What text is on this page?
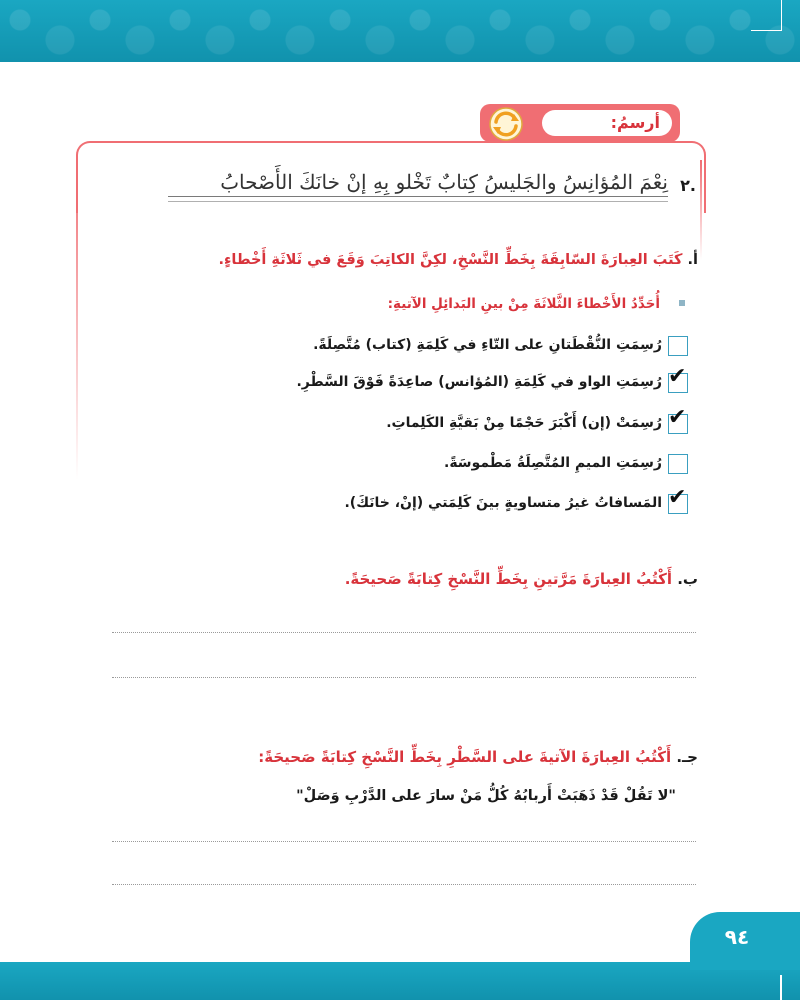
أرسمُ:
.٢
نِعْمَ المُؤانِسُ والجَليسُ كِتابٌ تَخْلو بِهِ إنْ خانَكَ الأَصْحابُ
أ. كَتَبَ العِبارَةَ السّابِقَةَ بِخَطِّ النَّسْخِ، لكِنَّ الكاتِبَ وَقَعَ في ثَلاثَةِ أَخْطاءٍ.
أُحَدِّدُ الأَخْطاءَ الثَّلاثَةَ مِنْ بينِ البَدائِلِ الآتيةِ:
رُسِمَتِ النُّقْطَتانِ على التّاءِ في كَلِمَةِ (كتاب) مُتَّصِلَةً.
✔
رُسِمَتِ الواو في كَلِمَةِ (المُؤانس) صاعِدَةً فَوْقَ السَّطْرِ.
✔
رُسِمَتْ (إن) أَكْبَرَ حَجْمًا مِنْ بَقيَّةِ الكَلِماتِ.
رُسِمَتِ الميمِ المُتَّصِلَةُ مَطْموسَةً.
✔
المَسافاتُ غيرُ متساويةٍ بينَ كَلِمَتي (إنْ، خانَكَ).
ب. أَكْتُبُ العِبارَةَ مَرَّتينِ بِخَطِّ النَّسْخِ كِتابَةً صَحيحَةً.
جـ. أَكْتُبُ العِبارَةَ الآتيةَ على السَّطْرِ بِخَطِّ النَّسْخِ كِتابَةً صَحيحَةً:
"لا تَقُلْ قَدْ ذَهَبَتْ أَربابُهُ كُلُّ مَنْ سارَ على الدَّرْبِ وَصَلْ"
٩٤
